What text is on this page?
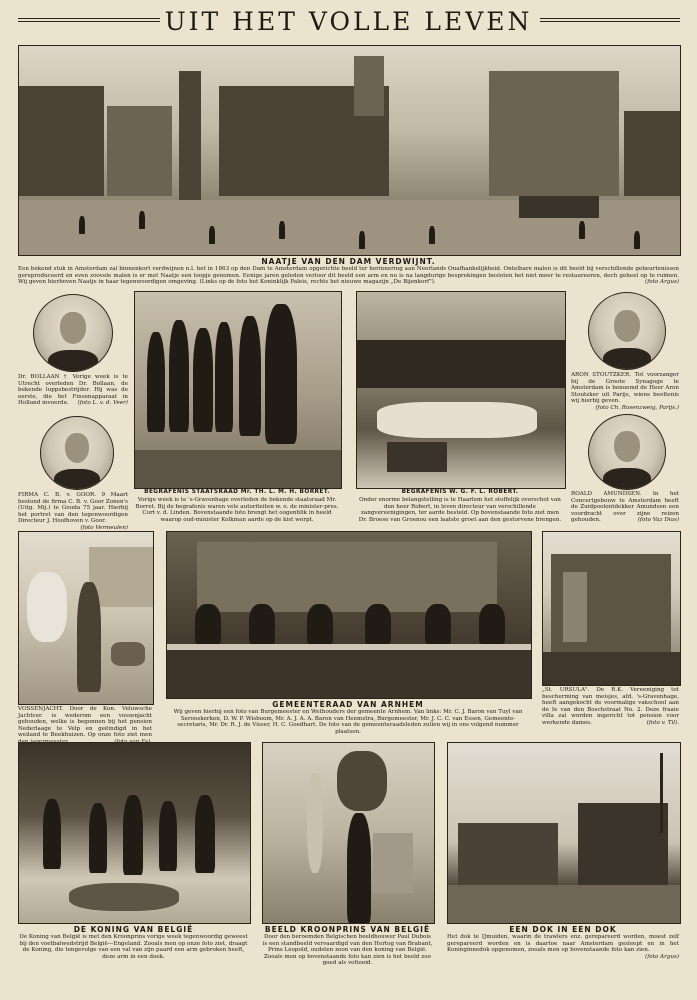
UIT HET VOLLE LEVEN
NAATJE VAN DEN DAM VERDWIJNT.
Een bekend stuk in Amsterdam zal binnenkort verdwijnen n.l. het in 1863 op den Dam te Amsterdam opgerichte beeld ter herinnering aan Neerlands Onafhankelijkheid. Ontelbare malen is dit beeld bij verschillende gebeurtenissen gereproduceerd en even zoovele malen is er met Naatje een loopje genomen. Eenige jaren geleden verloor dit beeld een arm en nu is na langdurige besprekingen besloten het niet meer te restaureeren, doch geheel op te ruimen. Wij geven hierboven Naatje in haar tegenwoordigen omgeving. (Links op de foto het Koninklijk Paleis, rechts het nieuwe magazijn „De Bijenkorf").	(foto Argus)
Dr. BOLLAAN † Vorige week is te Utrecht overleden Dr. Bollaan, de bekende luppsbestrijder. Hij was de eerste, die het Finsenapparaat in Holland invoerde. (foto L. v. d. Veer)
FIRMA C. B. v. GOOR. 9 Maart bestond de firma C. B. v. Goor Zonen's (Uitg. Mij.) te Gouda 75 jaar. Hierbij het portret van den tegenwoordigen Directeur J. Hoofhoven v. Goor.
(foto Vermeulen)
BEGRAFENIS STAATSRAAD Mr. TH. L. M. H. BORRET.
Vorige week is te 's-Gravenhage overleden de bekende staatsraad Mr. Borret. Bij de begrafenis waren vele autoriteiten w. o. de minister-pres. Cort v. d. Linden. Bovenstaande foto brengt het oogenblik in beeld waarop oud-minister Kolkman aarde op de kist werpt.
BEGRAFENIS W. G. F. L. ROBERT.
Onder enorme belangstelling is te Haarlem het stoffelijk overschot van den heer Robert, in leven directeur van verschillende zangvereenigingen, ter aarde besteld. Op bovenstaande foto ziet men Dr. Broese van Groenou een laatste groet aan den gestorvene brengen.
ARON STOUTZKER. Tot voorzanger bij de Groote Synagoge te Amsterdam is benoemd de Heer Aron Stoutzker uit Parijs, wiens beeltenis wij hierbij geven.
(foto Ch. Rosenzweig, Parijs.)
ROALD AMUNDSEN. In het Concertgebouw te Amsterdam heeft de Zuidpoolontdekker Amundsen een voordracht over zijne reizen gehouden.	(foto Vaz Dias)
VOSSENJACHT. Door de Kon. Veluwsche Jachtver. is wederom een vossenjacht gehouden, welke is begonnen bij het pension Nederlaage te Velp en geëindigd in het weiland te Beekhuizen. Op onze foto ziet men
GEMEENTERAAD VAN ARNHEM
Wij geven hierbij een foto van Burgemeester en Wethouders der gemeente Arnhem. Van links: Mr. C. J. Baron van Tuyl van Serooskerken, D. W. P. Wisboom, Mr. A. J. A. A. Baron van Heemstra, Burgemeester, Mr. J. C. C. van Essen, Gemeente-secretaris, Mr. Dr. R. J. de Visser, H. C. Goedhart. De foto van de gemeenteraadsleden zullen wij in ons volgend nummer plaatsen.
„St. URSULA". De R.K. Vereeniging tot bescherming van meisjes, afd. 's-Gravenhage, heeft aangekocht de voormalige vakschool aan de Ie van den Boschstraat No. 2. Deze fraaie villa zal worden ingericht tot pension voor werkende dames.	(foto v. Til).
DE KONING VAN BELGIË
De Koning van België is met den Kroonprins vorige week tegenwoordig geweest bij den voetbalwedstrijd België—Engeland. Zooals men op onze foto ziet, draagt de Koning, die tengevolge van een val van zijn paard een arm gebroken heeft, deze arm in een doek.
BEELD KROONPRINS VAN BELGIË
Door den beroemden Belgischen beeldhouwer Paul Dubois is een standbeeld vervaardigd van den Hertog van Brabant, Prins Leopold, oudsten zoon van den koning van België. Zooals men op bovenstaande foto kan zien is het beeld zoo goed als voltooid.
EEN DOK IN EEN DOK
Het dok te IJmuiden, waarin de trawlers enz. gerepareerd worden, moest zelf gerepareerd worden en is daartoe naar Amsterdam gesleept en in het Koninginnedok opgenomen, zooals men op bovenstaande foto kan zien.
(foto Argus)
